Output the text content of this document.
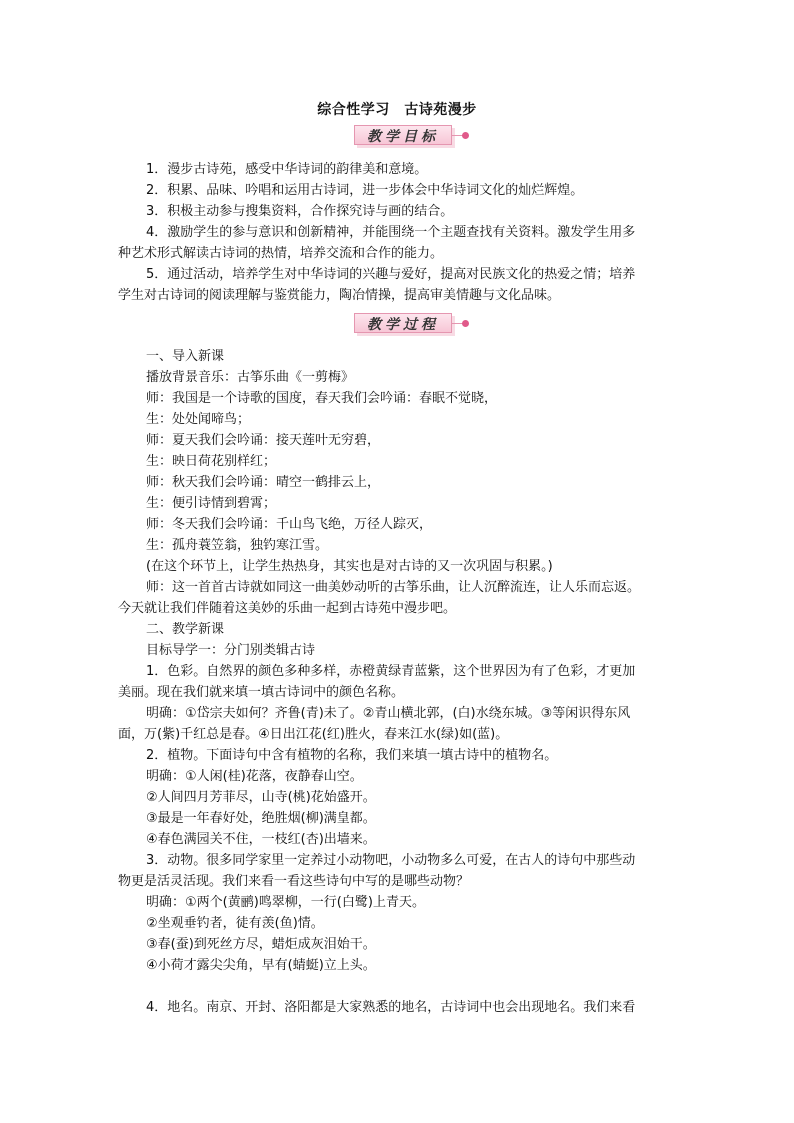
综合性学习　古诗苑漫步
教学目标
1．漫步古诗苑，感受中华诗词的韵律美和意境。
2．积累、品味、吟唱和运用古诗词，进一步体会中华诗词文化的灿烂辉煌。
3．积极主动参与搜集资料，合作探究诗与画的结合。
4．激励学生的参与意识和创新精神，并能围绕一个主题查找有关资料。激发学生用多
种艺术形式解读古诗词的热情，培养交流和合作的能力。
5．通过活动，培养学生对中华诗词的兴趣与爱好，提高对民族文化的热爱之情；培养
学生对古诗词的阅读理解与鉴赏能力，陶冶情操，提高审美情趣与文化品味。
教学过程
一、导入新课
播放背景音乐：古筝乐曲《一剪梅》
师：我国是一个诗歌的国度，春天我们会吟诵：春眠不觉晓，
生：处处闻啼鸟；
师：夏天我们会吟诵：接天莲叶无穷碧，
生：映日荷花别样红；
师：秋天我们会吟诵：晴空一鹤排云上，
生：便引诗情到碧霄；
师：冬天我们会吟诵：千山鸟飞绝，万径人踪灭，
生：孤舟蓑笠翁，独钓寒江雪。
(在这个环节上，让学生热热身，其实也是对古诗的又一次巩固与积累。)
师：这一首首古诗就如同这一曲美妙动听的古筝乐曲，让人沉醉流连，让人乐而忘返。
今天就让我们伴随着这美妙的乐曲一起到古诗苑中漫步吧。
二、教学新课
目标导学一：分门别类辑古诗
1．色彩。自然界的颜色多种多样，赤橙黄绿青蓝紫，这个世界因为有了色彩，才更加
美丽。现在我们就来填一填古诗词中的颜色名称。
明确：①岱宗夫如何？齐鲁(青)未了。②青山横北郭，(白)水绕东城。③等闲识得东风
面，万(紫)千红总是春。④日出江花(红)胜火，春来江水(绿)如(蓝)。
2．植物。下面诗句中含有植物的名称，我们来填一填古诗中的植物名。
明确：①人闲(桂)花落，夜静春山空。
②人间四月芳菲尽，山寺(桃)花始盛开。
③最是一年春好处，绝胜烟(柳)满皇都。
④春色满园关不住，一枝红(杏)出墙来。
3．动物。很多同学家里一定养过小动物吧，小动物多么可爱，在古人的诗句中那些动
物更是活灵活现。我们来看一看这些诗句中写的是哪些动物？
明确：①两个(黄鹂)鸣翠柳，一行(白鹭)上青天。
②坐观垂钓者，徒有羡(鱼)情。
③春(蚕)到死丝方尽，蜡炬成灰泪始干。
④小荷才露尖尖角，早有(蜻蜓)立上头。
4．地名。南京、开封、洛阳都是大家熟悉的地名，古诗词中也会出现地名。我们来看
